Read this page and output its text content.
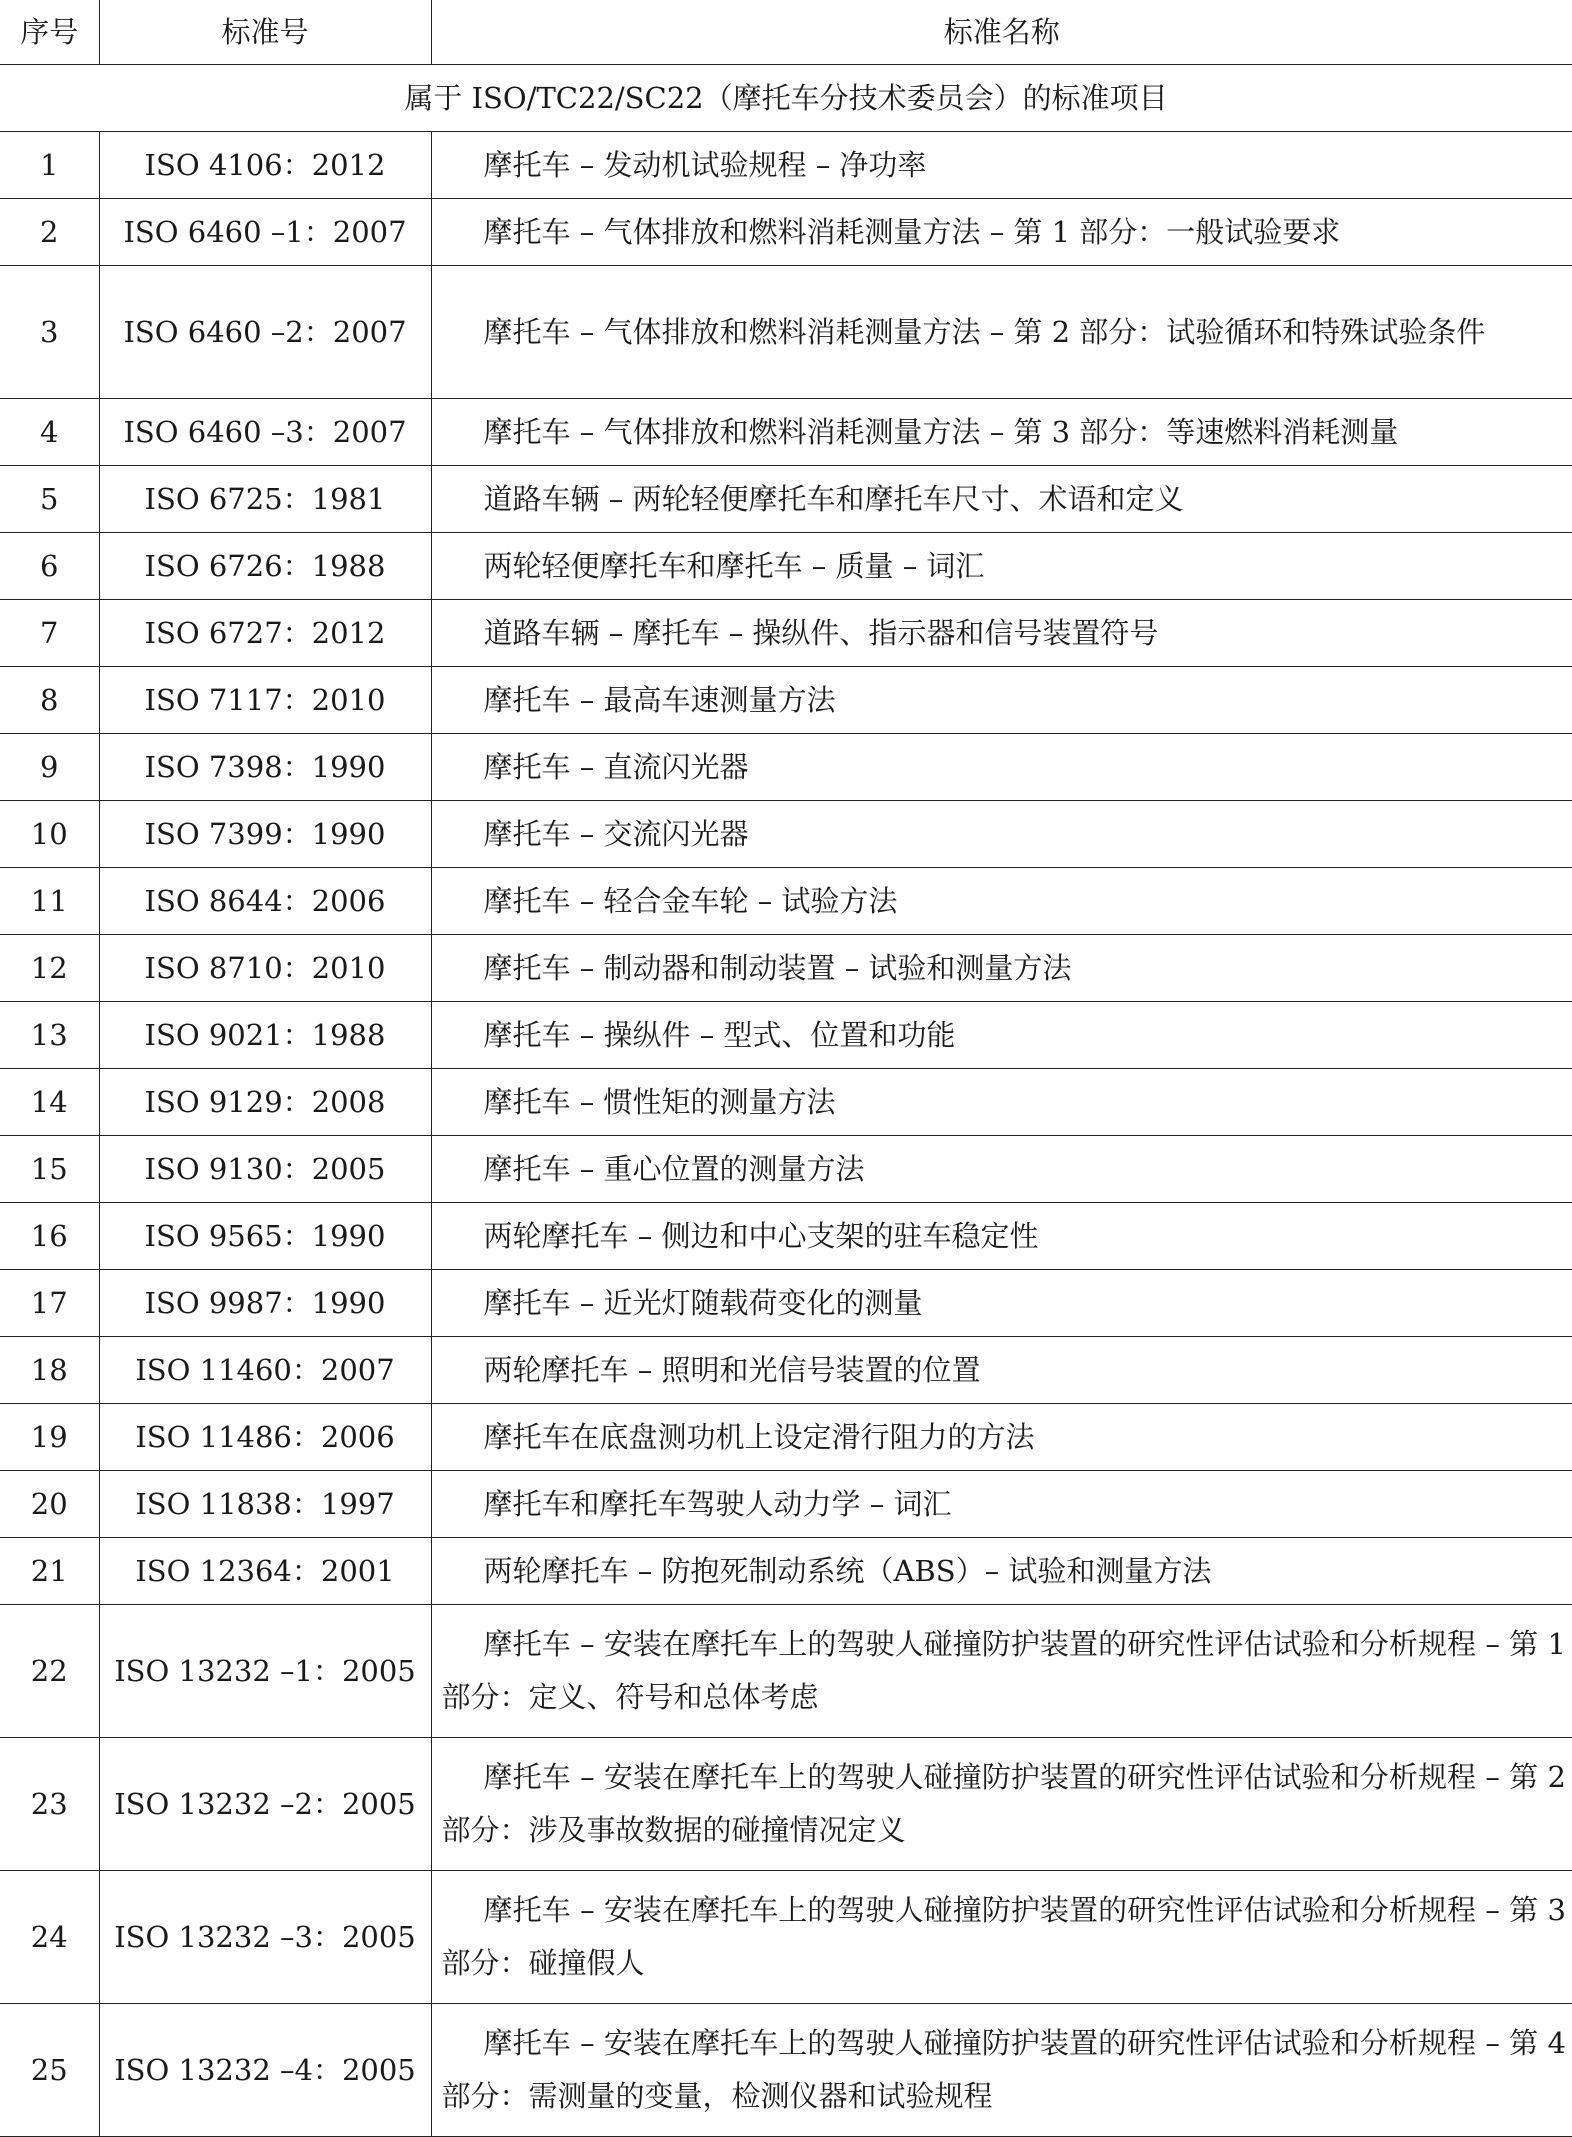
序号	标准号	标准名称
属于 ISO/TC22/SC22（摩托车分技术委员会）的标准项目		
1	ISO 4106：2012	摩托车 – 发动机试验规程 – 净功率
2	ISO 6460 –1：2007	摩托车 – 气体排放和燃料消耗测量方法 – 第 1 部分：一般试验要求
3	ISO 6460 –2：2007	摩托车 – 气体排放和燃料消耗测量方法 – 第 2 部分：试验循环和特殊试验条件
4	ISO 6460 –3：2007	摩托车 – 气体排放和燃料消耗测量方法 – 第 3 部分：等速燃料消耗测量
5	ISO 6725：1981	道路车辆 – 两轮轻便摩托车和摩托车尺寸、术语和定义
6	ISO 6726：1988	两轮轻便摩托车和摩托车 – 质量 – 词汇
7	ISO 6727：2012	道路车辆 – 摩托车 – 操纵件、指示器和信号装置符号
8	ISO 7117：2010	摩托车 – 最高车速测量方法
9	ISO 7398：1990	摩托车 – 直流闪光器
10	ISO 7399：1990	摩托车 – 交流闪光器
11	ISO 8644：2006	摩托车 – 轻合金车轮 – 试验方法
12	ISO 8710：2010	摩托车 – 制动器和制动装置 – 试验和测量方法
13	ISO 9021：1988	摩托车 – 操纵件 – 型式、位置和功能
14	ISO 9129：2008	摩托车 – 惯性矩的测量方法
15	ISO 9130：2005	摩托车 – 重心位置的测量方法
16	ISO 9565：1990	两轮摩托车 – 侧边和中心支架的驻车稳定性
17	ISO 9987：1990	摩托车 – 近光灯随载荷变化的测量
18	ISO 11460：2007	两轮摩托车 – 照明和光信号装置的位置
19	ISO 11486：2006	摩托车在底盘测功机上设定滑行阻力的方法
20	ISO 11838：1997	摩托车和摩托车驾驶人动力学 – 词汇
21	ISO 12364：2001	两轮摩托车 – 防抱死制动系统（ABS）– 试验和测量方法
22	ISO 13232 –1：2005	摩托车 – 安装在摩托车上的驾驶人碰撞防护装置的研究性评估试验和分析规程 – 第 1 部分：定义、符号和总体考虑
23	ISO 13232 –2：2005	摩托车 – 安装在摩托车上的驾驶人碰撞防护装置的研究性评估试验和分析规程 – 第 2 部分：涉及事故数据的碰撞情况定义
24	ISO 13232 –3：2005	摩托车 – 安装在摩托车上的驾驶人碰撞防护装置的研究性评估试验和分析规程 – 第 3 部分：碰撞假人
25	ISO 13232 –4：2005	摩托车 – 安装在摩托车上的驾驶人碰撞防护装置的研究性评估试验和分析规程 – 第 4 部分：需测量的变量，检测仪器和试验规程
